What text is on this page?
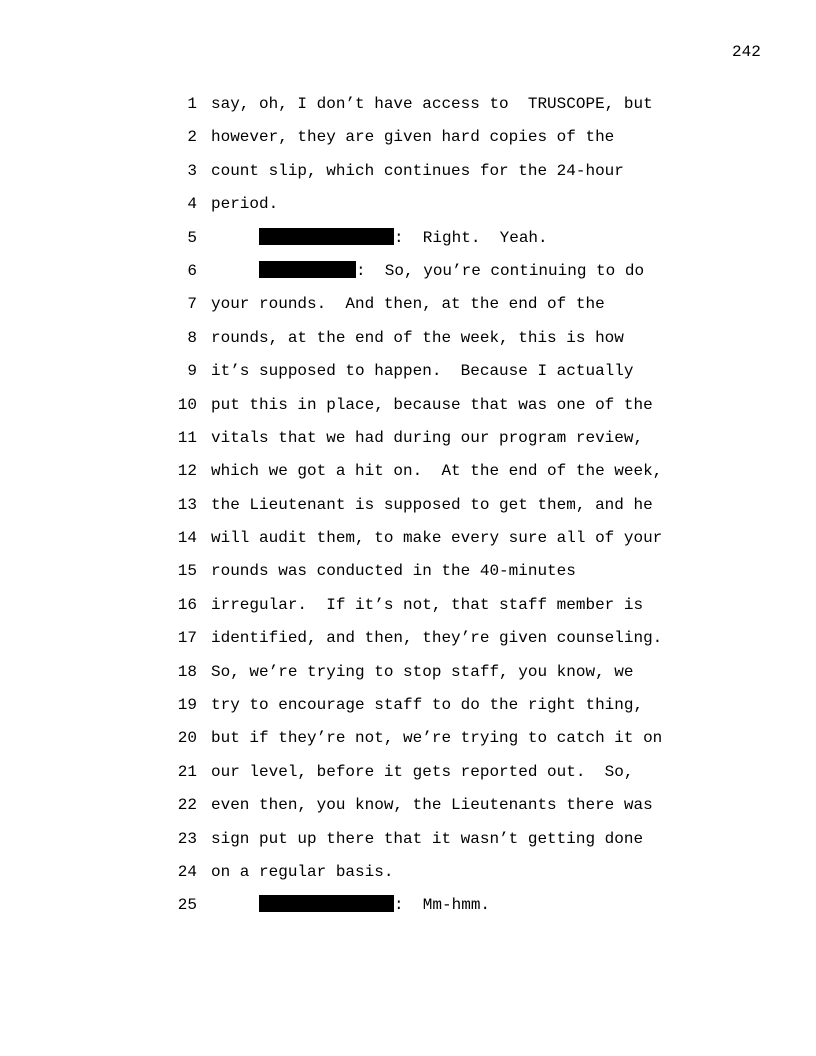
242

1

say, oh, I don’t have access to  TRUSCOPE, but

2

however, they are given hard copies of the

3

count slip, which continues for the 24-hour

4

period.

5

	:  Right.  Yeah.

6

	:  So, you’re continuing to do

7

your rounds.  And then, at the end of the

8

rounds, at the end of the week, this is how

9

it’s supposed to happen.  Because I actually

10

put this in place, because that was one of the

11

vitals that we had during our program review,

12

which we got a hit on.  At the end of the week,

13

the Lieutenant is supposed to get them, and he

14

will audit them, to make every sure all of your

15

rounds was conducted in the 40-minutes

16

irregular.  If it’s not, that staff member is

17

identified, and then, they’re given counseling.

18

So, we’re trying to stop staff, you know, we

19

try to encourage staff to do the right thing,

20

but if they’re not, we’re trying to catch it on

21

our level, before it gets reported out.  So,

22

even then, you know, the Lieutenants there was

23

sign put up there that it wasn’t getting done

24

on a regular basis.

25

	:  Mm-hmm.
